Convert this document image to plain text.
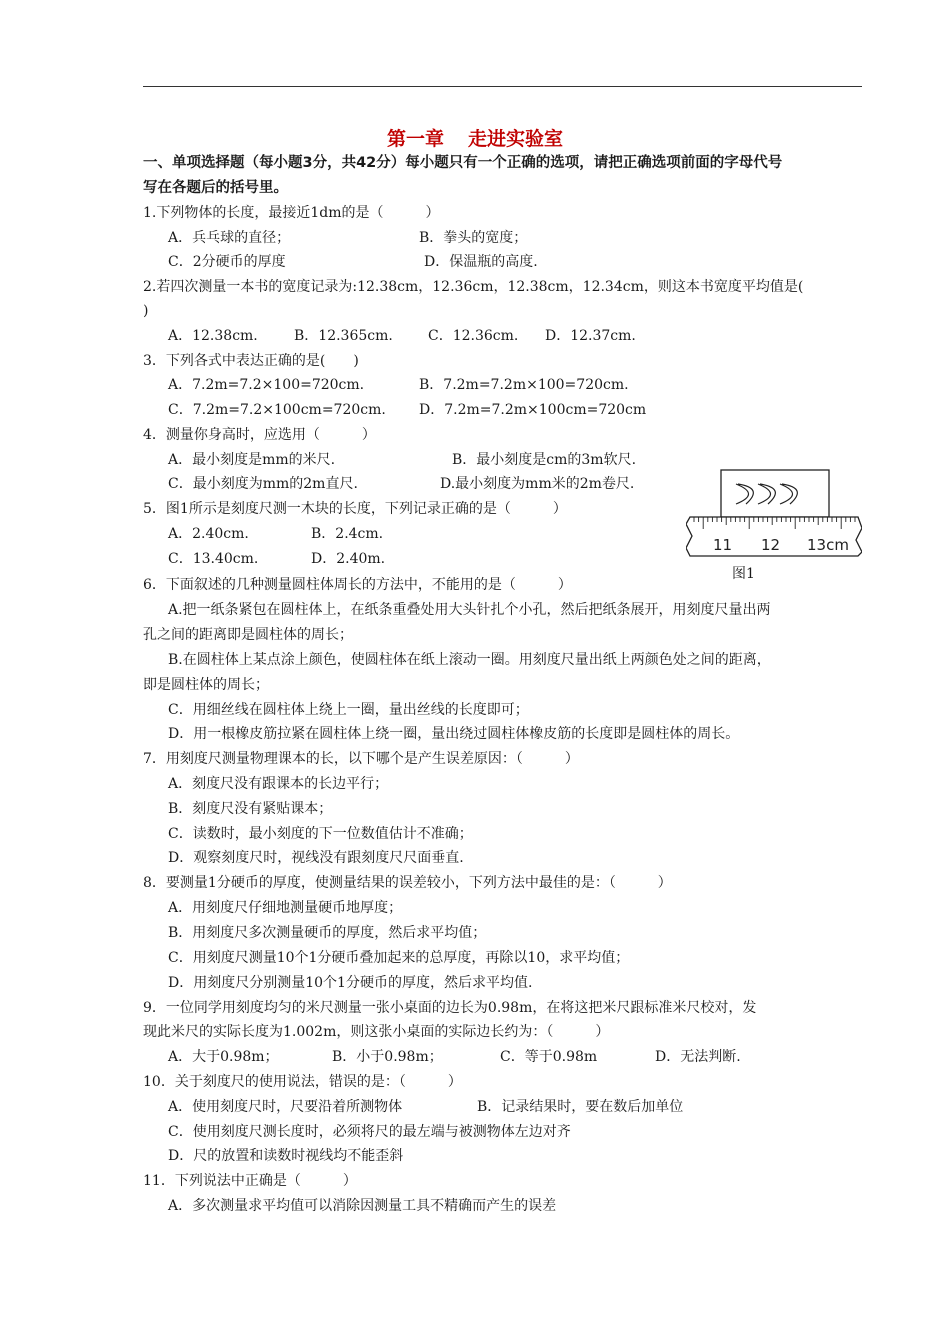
第一章 走进实验室
一、单项选择题（每小题3分，共42分）每小题只有一个正确的选项，请把正确选项前面的字母代号
写在各题后的括号里。
1.下列物体的长度，最接近1dm的是（　　　）
A．兵乓球的直径；	B．拳头的宽度；
C．2分硬币的厚度	D．保温瓶的高度.
2.若四次测量一本书的宽度记录为:12.38cm，12.36cm，12.38cm，12.34cm，则这本书宽度平均值是(
)
A．12.38cm.	B．12.365cm.	C．12.36cm. D．12.37cm.
3．下列各式中表达正确的是(　　)
A．7.2m=7.2×100=720cm.	B．7.2m=7.2m×100=720cm.
C．7.2m=7.2×100cm=720cm. D．7.2m=7.2m×100cm=720cm
4．测量你身高时，应选用（　　　）
A．最小刻度是mm的米尺.	B．最小刻度是cm的3m软尺.
C．最小刻度为mm的2m直尺.	D.最小刻度为mm米的2m卷尺.
5．图1所示是刻度尺测一木块的长度，下列记录正确的是（　　　）
A．2.40cm.	B．2.4cm.
C．13.40cm.	D．2.40m.
11 12 13cm
图1
6．下面叙述的几种测量圆柱体周长的方法中，不能用的是（　　　）
A.把一纸条紧包在圆柱体上，在纸条重叠处用大头针扎个小孔，然后把纸条展开，用刻度尺量出两
孔之间的距离即是圆柱体的周长；
B.在圆柱体上某点涂上颜色，使圆柱体在纸上滚动一圈。用刻度尺量出纸上两颜色处之间的距离，
即是圆柱体的周长；
C．用细丝线在圆柱体上绕上一圈，量出丝线的长度即可；
D．用一根橡皮筋拉紧在圆柱体上绕一圈，量出绕过圆柱体橡皮筋的长度即是圆柱体的周长。
7．用刻度尺测量物理课本的长，以下哪个是产生误差原因：（　　　）
A．刻度尺没有跟课本的长边平行；
B．刻度尺没有紧贴课本；
C．读数时，最小刻度的下一位数值估计不准确；
D．观察刻度尺时，视线没有跟刻度尺尺面垂直.
8．要测量1分硬币的厚度，使测量结果的误差较小，下列方法中最佳的是：（　　　）
A．用刻度尺仔细地测量硬币地厚度；
B．用刻度尺多次测量硬币的厚度，然后求平均值；
C．用刻度尺测量10个1分硬币叠加起来的总厚度，再除以10，求平均值；
D．用刻度尺分别测量10个1分硬币的厚度，然后求平均值.
9．一位同学用刻度均匀的米尺测量一张小桌面的边长为0.98m，在将这把米尺跟标准米尺校对，发
现此米尺的实际长度为1.002m，则这张小桌面的实际边长约为：（　　　）
A．大于0.98m；	B．小于0.98m；	C．等于0.98m	D．无法判断.
10．关于刻度尺的使用说法，错误的是：（　　　）
A．使用刻度尺时，尺要沿着所测物体	B．记录结果时，要在数后加单位
C．使用刻度尺测长度时，必须将尺的最左端与被测物体左边对齐
D．尺的放置和读数时视线均不能歪斜
11．下列说法中正确是（　　　）
A．多次测量求平均值可以消除因测量工具不精确而产生的误差
